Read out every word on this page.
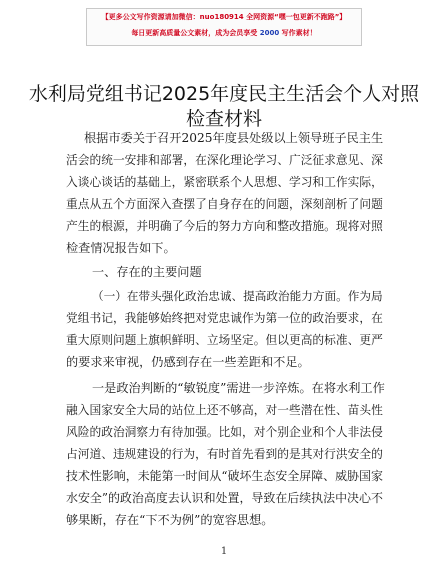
【更多公文写作资源请加微信：nuo180914 全网资源“嘿一包更新不跑路”】
每日更新高质量公文素材，成为会员享受 2000 写作素材！
水利局党组书记2025年度民主生活会个人对照
检查材料
根据市委关于召开2025年度县处级以上领导班子民主生
活会的统一安排和部署，在深化理论学习、广泛征求意见、深
入谈心谈话的基础上，紧密联系个人思想、学习和工作实际，
重点从五个方面深入查摆了自身存在的问题，深刻剖析了问题
产生的根源，并明确了今后的努力方向和整改措施。现将对照
检查情况报告如下。
一、存在的主要问题
（一）在带头强化政治忠诚、提高政治能力方面。作为局
党组书记，我能够始终把对党忠诚作为第一位的政治要求，在
重大原则问题上旗帜鲜明、立场坚定。但以更高的标准、更严
的要求来审视，仍感到存在一些差距和不足。
一是政治判断的“敏锐度”需进一步淬炼。在将水利工作
融入国家安全大局的站位上还不够高，对一些潜在性、苗头性
风险的政治洞察力有待加强。比如，对个别企业和个人非法侵
占河道、违规建设的行为，有时首先看到的是其对行洪安全的
技术性影响，未能第一时间从“破坏生态安全屏障、威胁国家
水安全”的政治高度去认识和处置，导致在后续执法中决心不
够果断，存在“下不为例”的宽容思想。
1
